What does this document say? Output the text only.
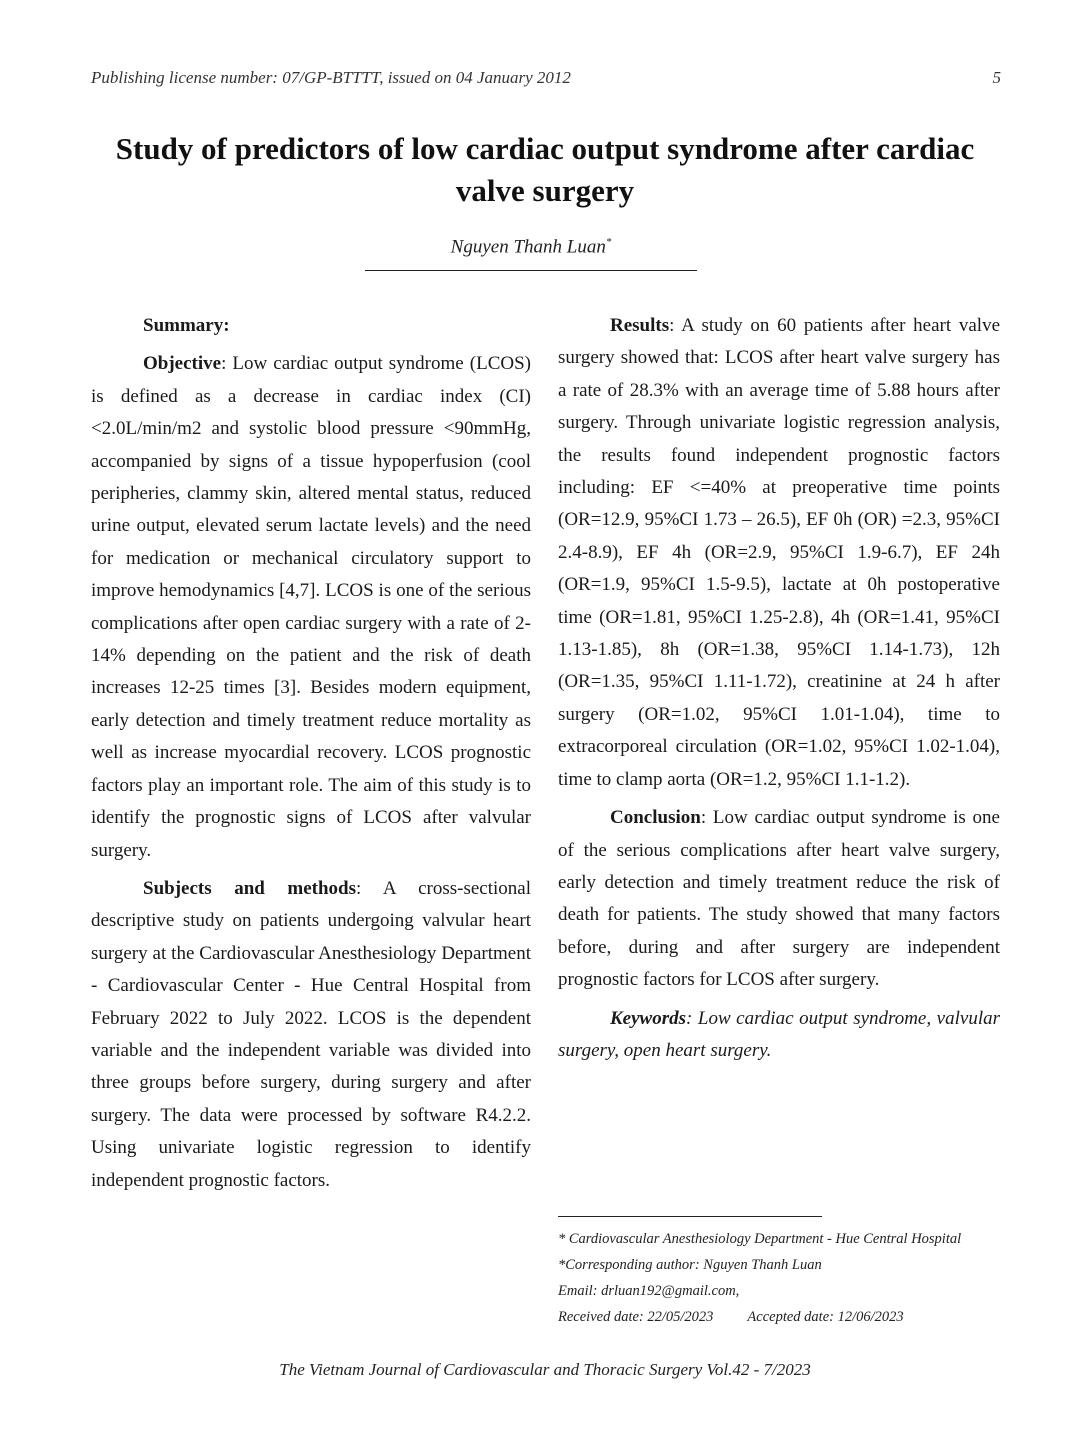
Publishing license number: 07/GP-BTTTT, issued on 04 January 2012	5
Study of predictors of low cardiac output syndrome after cardiac valve surgery
Nguyen Thanh Luan*

Summary:

Objective: Low cardiac output syndrome (LCOS) is defined as a decrease in cardiac index (CI) <2.0L/min/m2 and systolic blood pressure <90mmHg, accompanied by signs of a tissue hypoperfusion (cool peripheries, clammy skin, altered mental status, reduced urine output, elevated serum lactate levels) and the need for medication or mechanical circulatory support to improve hemodynamics [4,7]. LCOS is one of the serious complications after open cardiac surgery with a rate of 2-14% depending on the patient and the risk of death increases 12-25 times [3]. Besides modern equipment, early detection and timely treatment reduce mortality as well as increase myocardial recovery. LCOS prognostic factors play an important role. The aim of this study is to identify the prognostic signs of LCOS after valvular surgery.

Subjects and methods: A cross-sectional descriptive study on patients undergoing valvular heart surgery at the Cardiovascular Anesthesiology Department - Cardiovascular Center - Hue Central Hospital from February 2022 to July 2022. LCOS is the dependent variable and the independent variable was divided into three groups before surgery, during surgery and after surgery. The data were processed by software R4.2.2. Using univariate logistic regression to identify independent prognostic factors.

Results: A study on 60 patients after heart valve surgery showed that: LCOS after heart valve surgery has a rate of 28.3% with an average time of 5.88 hours after surgery. Through univariate logistic regression analysis, the results found independent prognostic factors including: EF <=40% at preoperative time points (OR=12.9, 95%CI 1.73 – 26.5), EF 0h (OR) =2.3, 95%CI 2.4-8.9), EF 4h (OR=2.9, 95%CI 1.9-6.7), EF 24h (OR=1.9, 95%CI 1.5-9.5), lactate at 0h postoperative time (OR=1.81, 95%CI 1.25-2.8), 4h (OR=1.41, 95%CI 1.13-1.85), 8h (OR=1.38, 95%CI 1.14-1.73), 12h (OR=1.35, 95%CI 1.11-1.72), creatinine at 24 h after surgery (OR=1.02, 95%CI 1.01-1.04), time to extracorporeal circulation (OR=1.02, 95%CI 1.02-1.04), time to clamp aorta (OR=1.2, 95%CI 1.1-1.2).

Conclusion: Low cardiac output syndrome is one of the serious complications after heart valve surgery, early detection and timely treatment reduce the risk of death for patients. The study showed that many factors before, during and after surgery are independent prognostic factors for LCOS after surgery.

Keywords: Low cardiac output syndrome, valvular surgery, open heart surgery.

* Cardiovascular Anesthesiology Department - Hue Central Hospital
*Corresponding author: Nguyen Thanh Luan
Email: drluan192@gmail.com,
Received date: 22/05/2023 Accepted date: 12/06/2023
The Vietnam Journal of Cardiovascular and Thoracic Surgery Vol.42 - 7/2023
